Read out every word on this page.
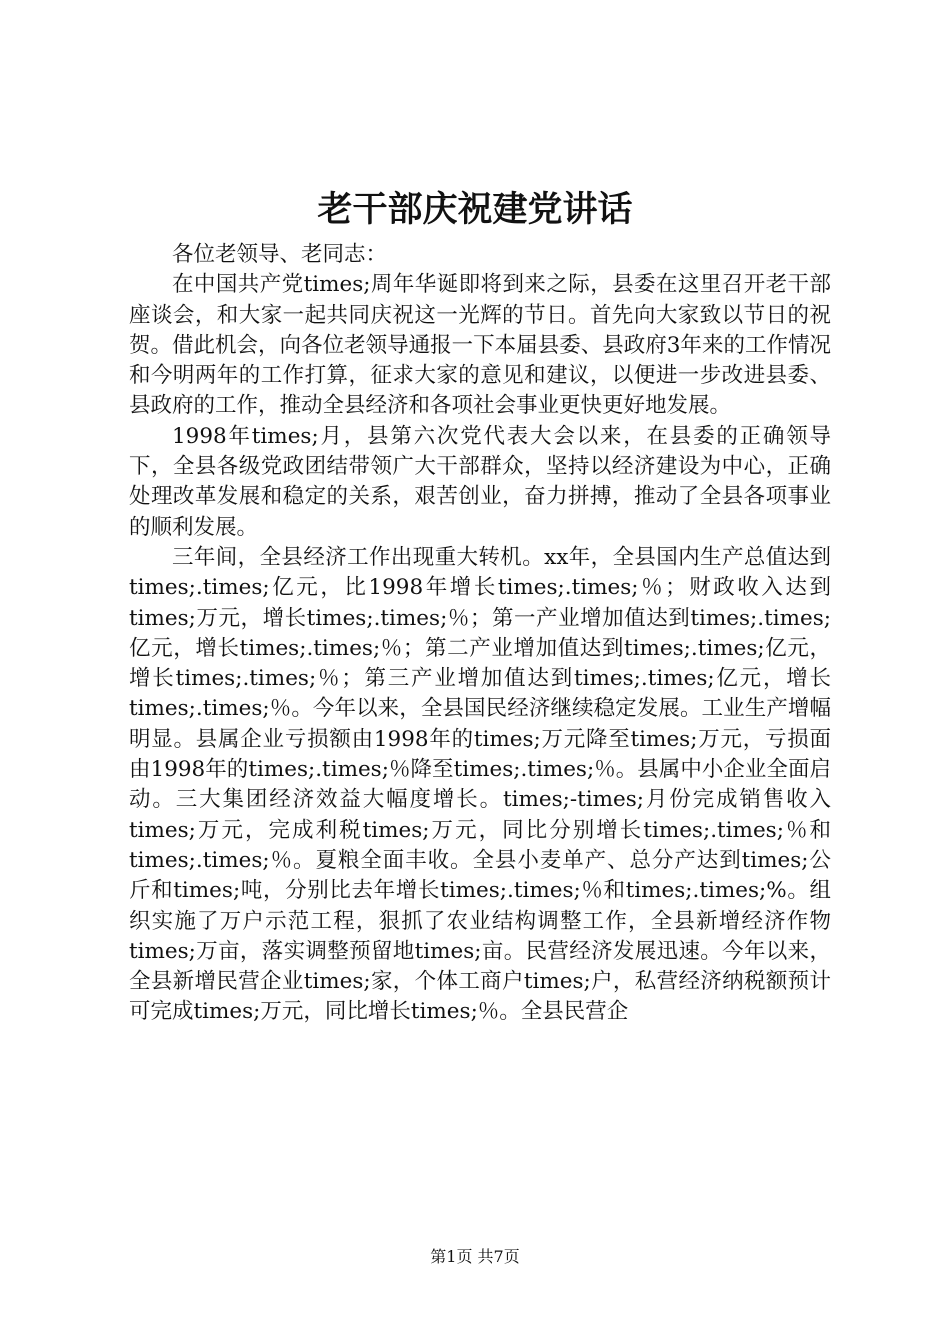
老干部庆祝建党讲话

各位老领导、老同志：

在中国共产党times;周年华诞即将到来之际，县委在这里召开老干部座谈会，和大家一起共同庆祝这一光辉的节日。首先向大家致以节日的祝贺。借此机会，向各位老领导通报一下本届县委、县政府3年来的工作情况和今明两年的工作打算，征求大家的意见和建议，以便进一步改进县委、县政府的工作，推动全县经济和各项社会事业更快更好地发展。

1998年times;月，县第六次党代表大会以来，在县委的正确领导下，全县各级党政团结带领广大干部群众，坚持以经济建设为中心，正确处理改革发展和稳定的关系，艰苦创业，奋力拼搏，推动了全县各项事业的顺利发展。

三年间，全县经济工作出现重大转机。xx年，全县国内生产总值达到times;.times;亿元，比1998年增长times;.times;％；财政收入达到times;万元，增长times;.times;％；第一产业增加值达到times;.times;亿元，增长times;.times;％；第二产业增加值达到times;.times;亿元，增长times;.times;％；第三产业增加值达到times;.times;亿元，增长times;.times;％。今年以来，全县国民经济继续稳定发展。工业生产增幅明显。县属企业亏损额由1998年的times;万元降至times;万元，亏损面由1998年的times;.times;％降至times;.times;％。县属中小企业全面启动。三大集团经济效益大幅度增长。times;-times;月份完成销售收入times;万元，完成利税times;万元，同比分别增长times;.times;％和times;.times;％。夏粮全面丰收。全县小麦单产、总分产达到times;公斤和times;吨，分别比去年增长times;.times;％和times;.times;%。组织实施了万户示范工程，狠抓了农业结构调整工作，全县新增经济作物times;万亩，落实调整预留地times;亩。民营经济发展迅速。今年以来，全县新增民营企业times;家，个体工商户times;户，私营经济纳税额预计可完成times;万元，同比增长times;％。全县民营企

第1页 共7页
